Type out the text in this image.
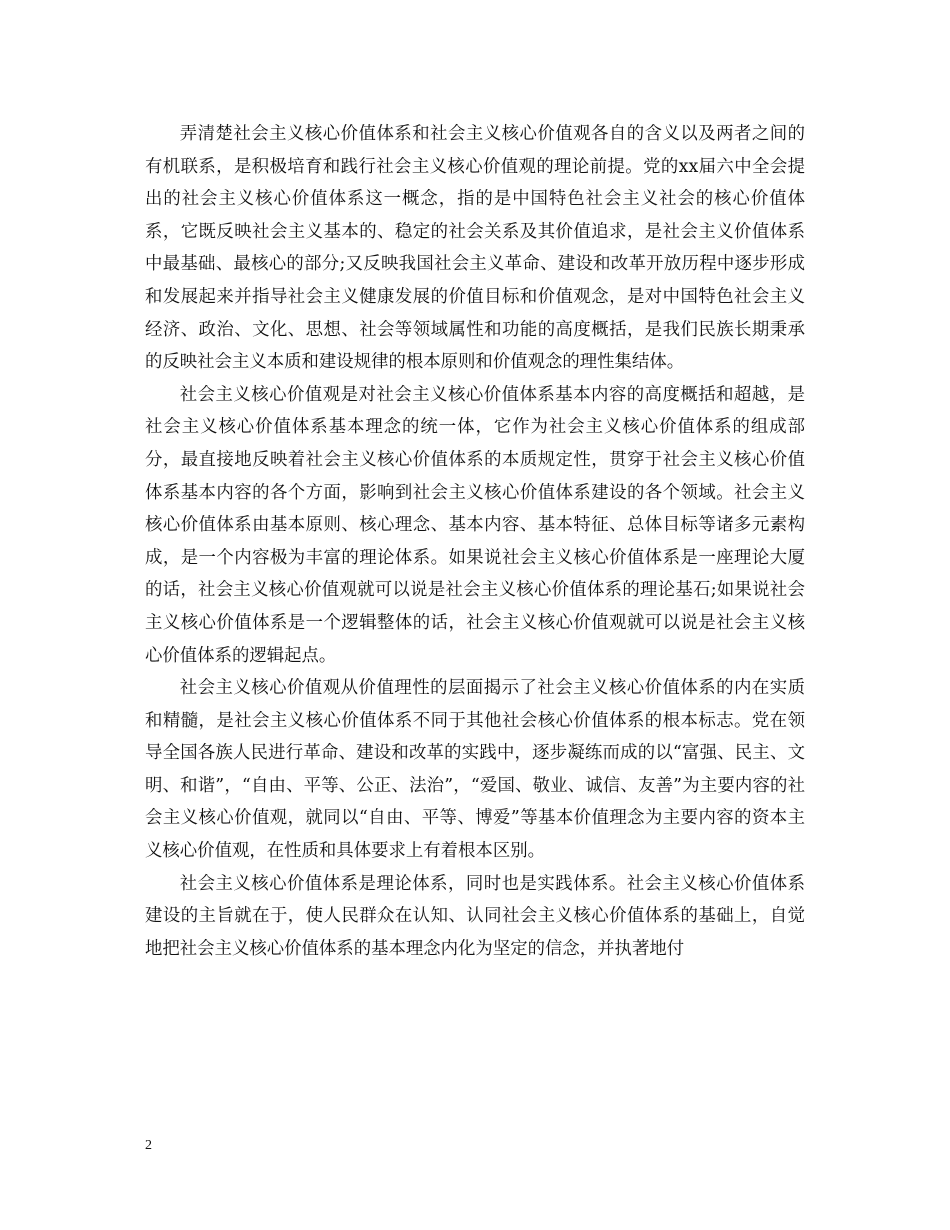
弄清楚社会主义核心价值体系和社会主义核心价值观各自的含义以及两者之间的有机联系，是积极培育和践行社会主义核心价值观的理论前提。党的xx届六中全会提出的社会主义核心价值体系这一概念，指的是中国特色社会主义社会的核心价值体系，它既反映社会主义基本的、稳定的社会关系及其价值追求，是社会主义价值体系中最基础、最核心的部分;又反映我国社会主义革命、建设和改革开放历程中逐步形成和发展起来并指导社会主义健康发展的价值目标和价值观念，是对中国特色社会主义经济、政治、文化、思想、社会等领域属性和功能的高度概括，是我们民族长期秉承的反映社会主义本质和建设规律的根本原则和价值观念的理性集结体。

社会主义核心价值观是对社会主义核心价值体系基本内容的高度概括和超越，是社会主义核心价值体系基本理念的统一体，它作为社会主义核心价值体系的组成部分，最直接地反映着社会主义核心价值体系的本质规定性，贯穿于社会主义核心价值体系基本内容的各个方面，影响到社会主义核心价值体系建设的各个领域。社会主义核心价值体系由基本原则、核心理念、基本内容、基本特征、总体目标等诸多元素构成，是一个内容极为丰富的理论体系。如果说社会主义核心价值体系是一座理论大厦的话，社会主义核心价值观就可以说是社会主义核心价值体系的理论基石;如果说社会主义核心价值体系是一个逻辑整体的话，社会主义核心价值观就可以说是社会主义核心价值体系的逻辑起点。

社会主义核心价值观从价值理性的层面揭示了社会主义核心价值体系的内在实质和精髓，是社会主义核心价值体系不同于其他社会核心价值体系的根本标志。党在领导全国各族人民进行革命、建设和改革的实践中，逐步凝练而成的以“富强、民主、文明、和谐”，“自由、平等、公正、法治”，“爱国、敬业、诚信、友善”为主要内容的社会主义核心价值观，就同以“自由、平等、博爱”等基本价值理念为主要内容的资本主义核心价值观，在性质和具体要求上有着根本区别。

社会主义核心价值体系是理论体系，同时也是实践体系。社会主义核心价值体系建设的主旨就在于，使人民群众在认知、认同社会主义核心价值体系的基础上，自觉地把社会主义核心价值体系的基本理念内化为坚定的信念，并执著地付

2
